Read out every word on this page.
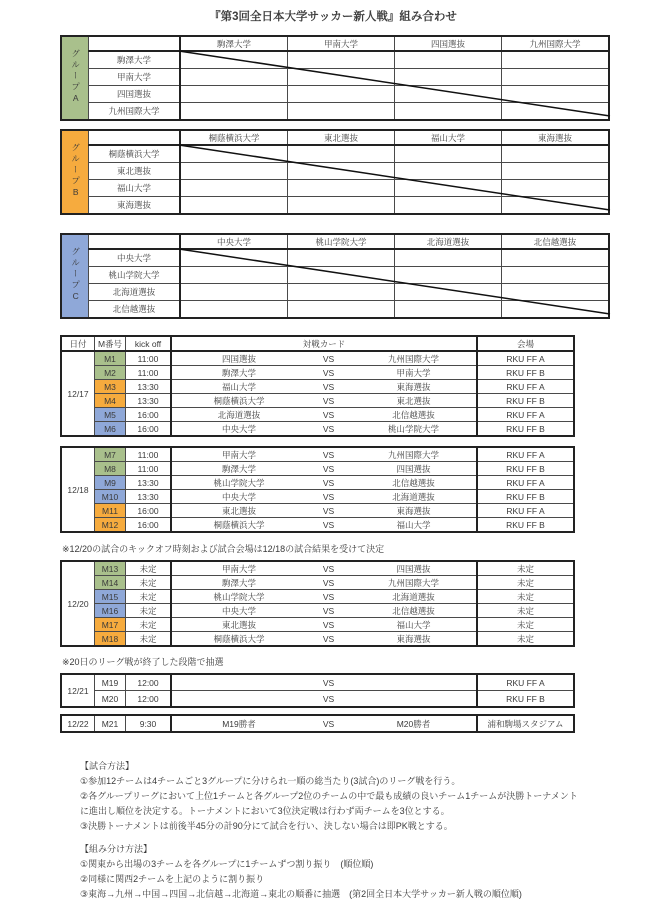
『第3回全日本大学サッカー新人戦』組み合わせ
グループA		駒澤大学	甲南大学	四国選抜	九州国際大学
	駒澤大学				
	甲南大学				
	四国選抜				
	九州国際大学				
グループB		桐蔭横浜大学	東北選抜	福山大学	東海選抜
	桐蔭横浜大学				
	東北選抜				
	福山大学				
	東海選抜				
グループC		中央大学	桃山学院大学	北海道選抜	北信越選抜
	中央大学				
	桃山学院大学				
	北海道選抜				
	北信越選抜				
日付	M番号	kick off	対戦カード	会場
12/17	M1	11:00	四国選抜 VS 九州国際大学	RKU FF A
	M2	11:00	駒澤大学 VS 甲南大学	RKU FF B
	M3	13:30	福山大学 VS 東海選抜	RKU FF A
	M4	13:30	桐蔭横浜大学 VS 東北選抜	RKU FF B
	M5	16:00	北海道選抜 VS 北信越選抜	RKU FF A
	M6	16:00	中央大学 VS 桃山学院大学	RKU FF B
12/18	M7	11:00	甲南大学 VS 九州国際大学	RKU FF A
	M8	11:00	駒澤大学 VS 四国選抜	RKU FF B
	M9	13:30	桃山学院大学 VS 北信越選抜	RKU FF A
	M10	13:30	中央大学 VS 北海道選抜	RKU FF B
	M11	16:00	東北選抜 VS 東海選抜	RKU FF A
	M12	16:00	桐蔭横浜大学 VS 福山大学	RKU FF B
※12/20の試合のキックオフ時刻および試合会場は12/18の試合結果を受けて決定
12/20	M13	未定	甲南大学 VS 四国選抜	未定
	M14	未定	駒澤大学 VS 九州国際大学	未定
	M15	未定	桃山学院大学 VS 北海道選抜	未定
	M16	未定	中央大学 VS 北信越選抜	未定
	M17	未定	東北選抜 VS 福山大学	未定
	M18	未定	桐蔭横浜大学 VS 東海選抜	未定
※20日のリーグ戦が終了した段階で抽選
12/21	M19	12:00	VS	RKU FF A
	M20	12:00	VS	RKU FF B
12/22	M21	9:30	M19勝者	VS	M20勝者	浦和駒場スタジアム
【試合方法】
①参加12チームは4チームごと3グループに分けられ一順の総当たり(3試合)のリーグ戦を行う。
②各グループリーグにおいて上位1チームと各グループ2位のチームの中で最も成績の良いチーム1チームが決勝トーナメント
に進出し順位を決定する。トーナメントにおいて3位決定戦は行わず両チームを3位とする。
③決勝トーナメントは前後半45分の計90分にて試合を行い、決しない場合は即PK戦とする。
【組み分け方法】
①関東から出場の3チームを各グループに1チームずつ割り振り　(順位順)
②同様に関西2チームを上記のように割り振り
③東海→九州→中国→四国→北信越→北海道→東北の順番に抽選　(第2回全日本大学サッカー新人戦の順位順)
